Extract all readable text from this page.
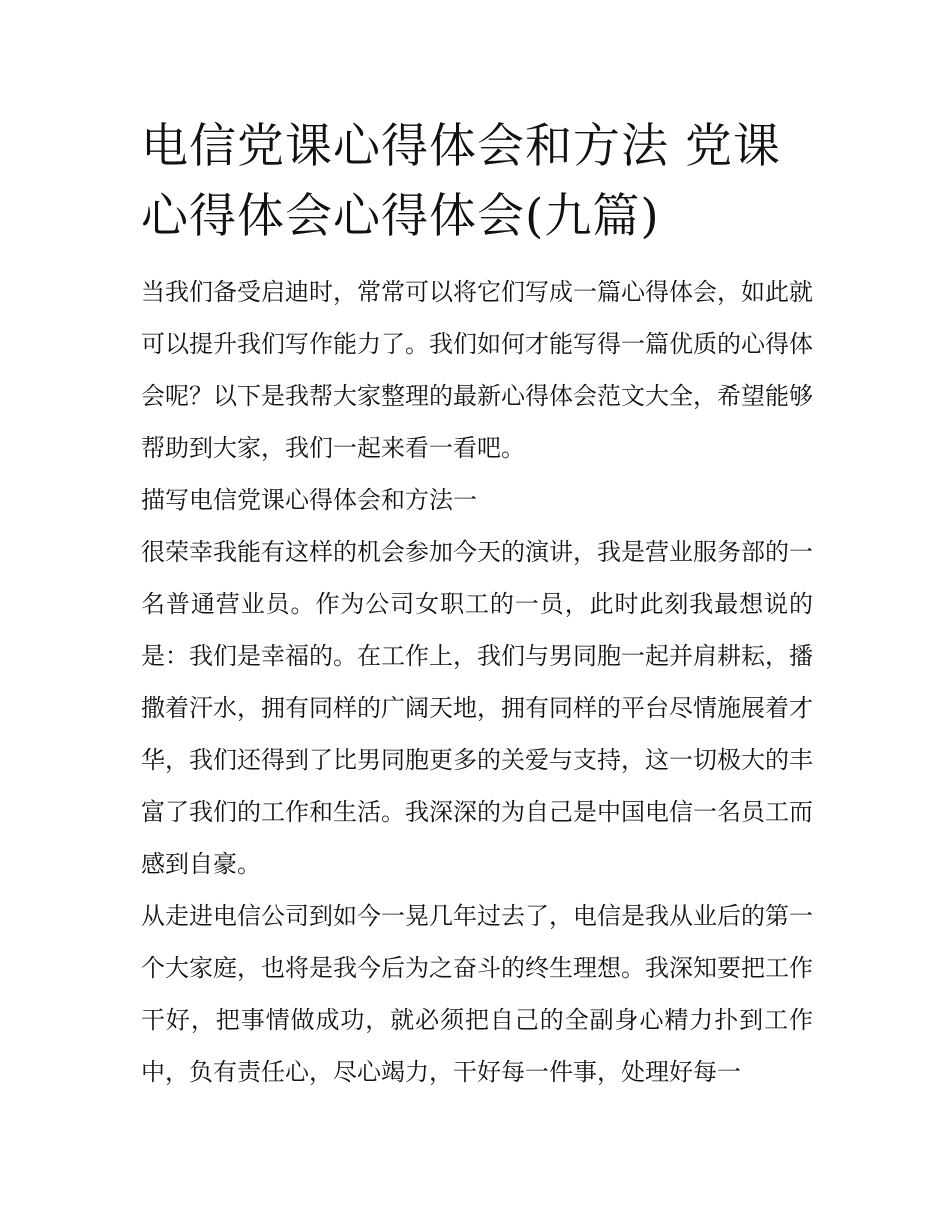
电信党课心得体会和方法 党课心得体会心得体会(九篇)

当我们备受启迪时，常常可以将它们写成一篇心得体会，如此就可以提升我们写作能力了。我们如何才能写得一篇优质的心得体会呢？以下是我帮大家整理的最新心得体会范文大全，希望能够帮助到大家，我们一起来看一看吧。

描写电信党课心得体会和方法一

很荣幸我能有这样的机会参加今天的演讲，我是营业服务部的一名普通营业员。作为公司女职工的一员，此时此刻我最想说的是：我们是幸福的。在工作上，我们与男同胞一起并肩耕耘，播撒着汗水，拥有同样的广阔天地，拥有同样的平台尽情施展着才华，我们还得到了比男同胞更多的关爱与支持，这一切极大的丰富了我们的工作和生活。我深深的为自己是中国电信一名员工而感到自豪。

从走进电信公司到如今一晃几年过去了，电信是我从业后的第一个大家庭，也将是我今后为之奋斗的终生理想。我深知要把工作干好，把事情做成功，就必须把自己的全副身心精力扑到工作中，负有责任心，尽心竭力，干好每一件事，处理好每一
